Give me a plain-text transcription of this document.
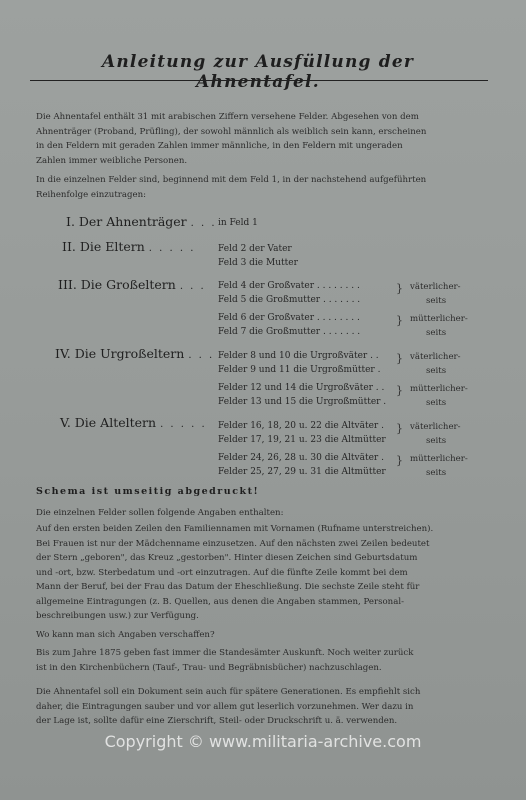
Anleitung zur Ausfüllung der Ahnentafel.
Die Ahnentafel enthält 31 mit arabischen Ziffern versehene Felder. Abgesehen von dem
Ahnenträger (Proband, Prüfling), der sowohl männlich als weiblich sein kann, erscheinen
in den Feldern mit geraden Zahlen immer männliche, in den Feldern mit ungeraden
Zahlen immer weibliche Personen.
In die einzelnen Felder sind, beginnend mit dem Feld 1, in der nachstehend aufgeführten
Reihenfolge einzutragen:
I. Der Ahnenträger . . . in Feld 1
II. Die Eltern . . . . .	Feld 2 der Vater
Feld 3 die Mutter
III. Die Großeltern . . . Feld 4 der Großvater . . . . . . . .
Feld 5 die Großmutter . . . . . . .
} väterlicher-
seits
Feld 6 der Großvater . . . . . . . .
Feld 7 die Großmutter . . . . . . .
} mütterlicher-
seits
IV. Die Urgroßeltern . . . Felder 8 und 10 die Urgroßväter . .
Felder 9 und 11 die Urgroßmütter .
} väterlicher-
seits
Felder 12 und 14 die Urgroßväter . .
Felder 13 und 15 die Urgroßmütter .
} mütterlicher-
seits
V. Die Alteltern . . . . . Felder 16, 18, 20 u. 22 die Altväter .
Felder 17, 19, 21 u. 23 die Altmütter
} väterlicher-
seits
Felder 24, 26, 28 u. 30 die Altväter .
Felder 25, 27, 29 u. 31 die Altmütter
} mütterlicher-
seits
Schema ist umseitig abgedruckt!
Die einzelnen Felder sollen folgende Angaben enthalten:
Auf den ersten beiden Zeilen den Familiennamen mit Vornamen (Rufname unterstreichen).
Bei Frauen ist nur der Mädchenname einzusetzen. Auf den nächsten zwei Zeilen bedeutet
der Stern „geboren", das Kreuz „gestorben". Hinter diesen Zeichen sind Geburtsdatum
und -ort, bzw. Sterbedatum und -ort einzutragen. Auf die fünfte Zeile kommt bei dem
Mann der Beruf, bei der Frau das Datum der Eheschließung. Die sechste Zeile steht für
allgemeine Eintragungen (z. B. Quellen, aus denen die Angaben stammen, Personal-
beschreibungen usw.) zur Verfügung.
Wo kann man sich Angaben verschaffen?
Bis zum Jahre 1875 geben fast immer die Standesämter Auskunft. Noch weiter zurück
ist in den Kirchenbüchern (Tauf-, Trau- und Begräbnisbücher) nachzuschlagen.
Die Ahnentafel soll ein Dokument sein auch für spätere Generationen. Es empfiehlt sich
daher, die Eintragungen sauber und vor allem gut leserlich vorzunehmen. Wer dazu in
der Lage ist, sollte dafür eine Zierschrift, Steil- oder Druckschrift u. ä. verwenden.
Copyright © www.militaria-archive.com
